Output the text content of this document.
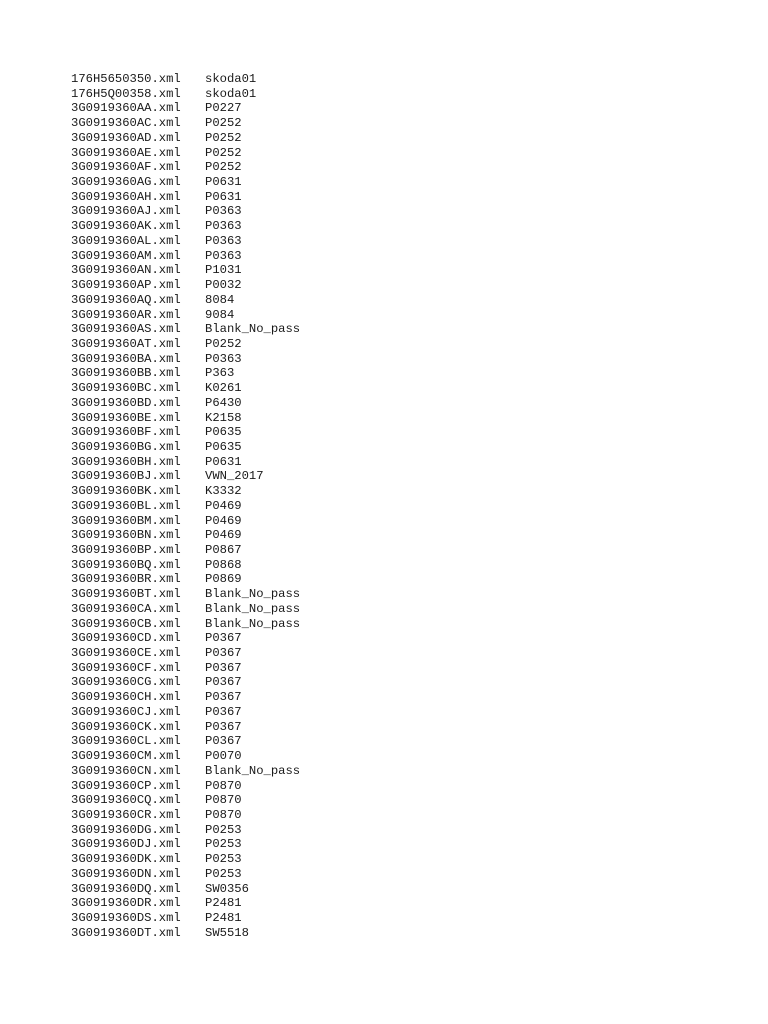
176H5650350.xml	skoda01
176H5Q00358.xml	skoda01
3G0919360AA.xml	P0227
3G0919360AC.xml	P0252
3G0919360AD.xml	P0252
3G0919360AE.xml	P0252
3G0919360AF.xml	P0252
3G0919360AG.xml	P0631
3G0919360AH.xml	P0631
3G0919360AJ.xml	P0363
3G0919360AK.xml	P0363
3G0919360AL.xml	P0363
3G0919360AM.xml	P0363
3G0919360AN.xml	P1031
3G0919360AP.xml	P0032
3G0919360AQ.xml	8084
3G0919360AR.xml	9084
3G0919360AS.xml	Blank_No_pass
3G0919360AT.xml	P0252
3G0919360BA.xml	P0363
3G0919360BB.xml	P363
3G0919360BC.xml	K0261
3G0919360BD.xml	P6430
3G0919360BE.xml	K2158
3G0919360BF.xml	P0635
3G0919360BG.xml	P0635
3G0919360BH.xml	P0631
3G0919360BJ.xml	VWN_2017
3G0919360BK.xml	K3332
3G0919360BL.xml	P0469
3G0919360BM.xml	P0469
3G0919360BN.xml	P0469
3G0919360BP.xml	P0867
3G0919360BQ.xml	P0868
3G0919360BR.xml	P0869
3G0919360BT.xml	Blank_No_pass
3G0919360CA.xml	Blank_No_pass
3G0919360CB.xml	Blank_No_pass
3G0919360CD.xml	P0367
3G0919360CE.xml	P0367
3G0919360CF.xml	P0367
3G0919360CG.xml	P0367
3G0919360CH.xml	P0367
3G0919360CJ.xml	P0367
3G0919360CK.xml	P0367
3G0919360CL.xml	P0367
3G0919360CM.xml	P0070
3G0919360CN.xml	Blank_No_pass
3G0919360CP.xml	P0870
3G0919360CQ.xml	P0870
3G0919360CR.xml	P0870
3G0919360DG.xml	P0253
3G0919360DJ.xml	P0253
3G0919360DK.xml	P0253
3G0919360DN.xml	P0253
3G0919360DQ.xml	SW0356
3G0919360DR.xml	P2481
3G0919360DS.xml	P2481
3G0919360DT.xml	SW5518
